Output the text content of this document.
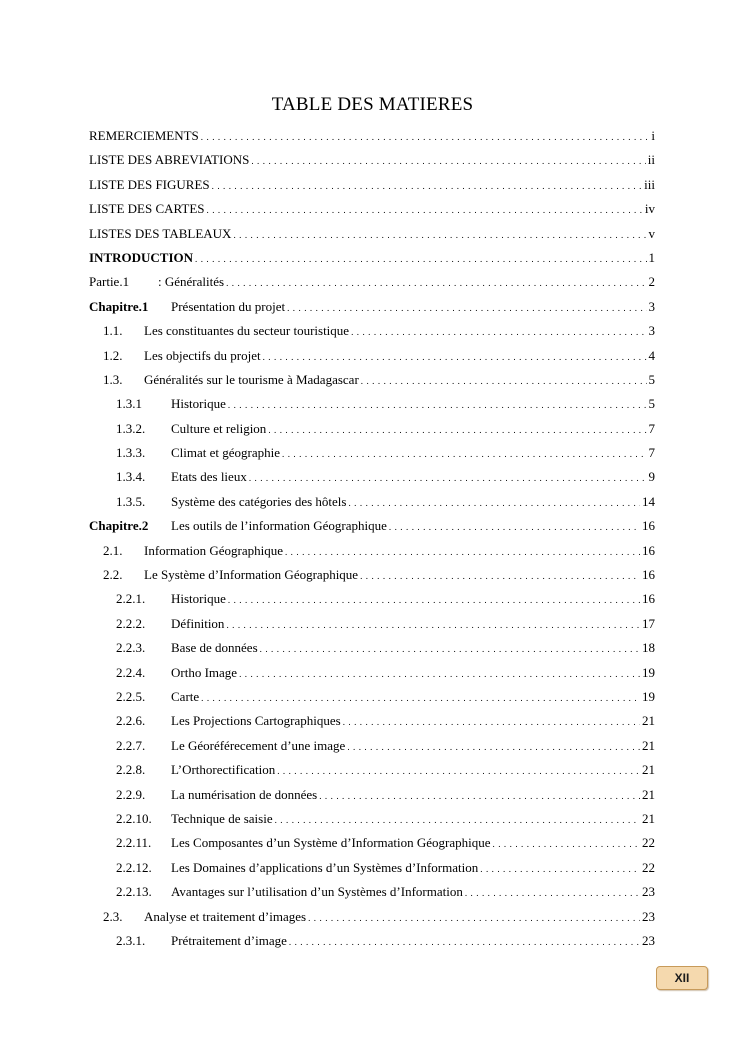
TABLE DES MATIERES
REMERCIEMENTS . . .	i
LISTE DES ABREVIATIONS . . .	ii
LISTE DES FIGURES . . .	iii
LISTE DES CARTES . . .	iv
LISTES DES TABLEAUX . . .	v
INTRODUCTION . . .	1
Partie.1	: Généralités . . .	2
Chapitre.1	Présentation du projet . . .	3
1.1.	Les constituantes du secteur touristique . . .	3
1.2.	Les objectifs du projet . . .	4
1.3.	Généralités sur le tourisme à Madagascar . . .	5
1.3.1	Historique . . .	5
1.3.2.	Culture et religion . . .	7
1.3.3.	Climat et géographie . . .	7
1.3.4.	Etats des lieux . . .	9
1.3.5.	Système des catégories des hôtels . . .	14
Chapitre.2	Les outils de l’information Géographique . . .	16
2.1.	Information Géographique . . .	16
2.2.	Le Système d’Information Géographique . . .	16
2.2.1.	Historique . . .	16
2.2.2.	Définition . . .	17
2.2.3.	Base de données . . .	18
2.2.4.	Ortho Image . . .	19
2.2.5.	Carte . . .	19
2.2.6.	Les Projections Cartographiques . . .	21
2.2.7.	Le Géoréférecement d’une image . . .	21
2.2.8.	L’Orthorectification . . .	21
2.2.9.	La numérisation de données . . .	21
2.2.10.	Technique de saisie . . .	21
2.2.11.	Les Composantes d’un Système d’Information Géographique . . .	22
2.2.12.	Les Domaines d’applications d’un Systèmes d’Information . . .	22
2.2.13.	Avantages sur l’utilisation d’un Systèmes d’Information . . .	23
2.3.	Analyse et traitement d’images . . .	23
2.3.1.	Prétraitement d’image . . .	23
XII
